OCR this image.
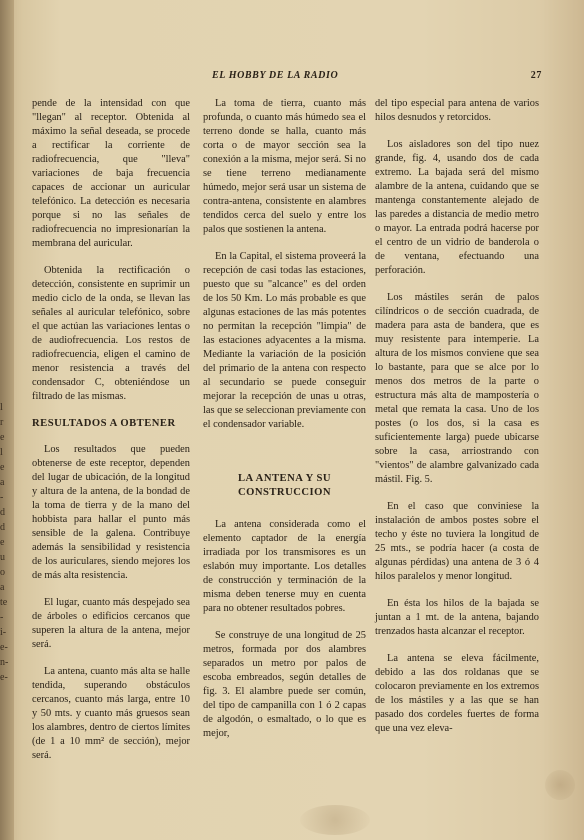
l
r
e
l
e
a
-
d
d
e
u
o
a
te
-
i-
e-
n-
e-
EL HOBBY DE LA RADIO	27

pende de la intensidad con que "llegan" al receptor. Obtenida al máximo la señal deseada, se procede a rectificar la corriente de radiofrecuencia, que "lleva" variaciones de baja frecuencia capaces de accionar un auricular telefónico. La detección es necesaria porque si no las señales de radiofrecuencia no impresionarían la membrana del auricular.

Obtenida la rectificación o detección, consistente en suprimir un medio ciclo de la onda, se llevan las señales al auricular telefónico, sobre el que actúan las variaciones lentas o de audiofrecuencia. Los restos de radiofrecuencia, eligen el camino de menor resistencia a través del condensador C, obteniéndose un filtrado de las mismas.

RESULTADOS A OBTENER

Los resultados que pueden obtenerse de este receptor, dependen del lugar de ubicación, de la longitud y altura de la antena, de la bondad de la toma de tierra y de la mano del hobbista para hallar el punto más sensible de la galena. Contribuye además la sensibilidad y resistencia de los auriculares, siendo mejores los de más alta resistencia.

El lugar, cuanto más despejado sea de árboles o edificios cercanos que superen la altura de la antena, mejor será.

La antena, cuanto más alta se halle tendida, superando obstáculos cercanos, cuanto más larga, entre 10 y 50 mts. y cuanto más gruesos sean los alambres, dentro de ciertos límites (de 1 a 10 mm² de sección), mejor será.

La toma de tierra, cuanto más profunda, o cuanto más húmedo sea el terreno donde se halla, cuanto más corta o de mayor sección sea la conexión a la misma, mejor será. Si no se tiene terreno medianamente húmedo, mejor será usar un sistema de contra-antena, consistente en alambres tendidos cerca del suelo y entre los palos que sostienen la antena.

En la Capital, el sistema proveerá la recepción de casi todas las estaciones, puesto que su "alcance" es del orden de los 50 Km. Lo más probable es que algunas estaciones de las más potentes no permitan la recepción "limpia" de las estaciones adyacentes a la misma. Mediante la variación de la posición del primario de la antena con respecto al secundario se puede conseguir mejorar la recepción de unas u otras, las que se seleccionan previamente con el condensador variable.

LA ANTENA Y SU CONSTRUCCION

La antena considerada como el elemento captador de la energía irradiada por los transmisores es un eslabón muy importante. Los detalles de construcción y terminación de la misma deben tenerse muy en cuenta para no obtener resultados pobres.

Se construye de una longitud de 25 metros, formada por dos alambres separados un metro por palos de escoba embreados, según detalles de fig. 3. El alambre puede ser común, del tipo de campanilla con 1 ó 2 capas de algodón, o esmaltado, o lo que es mejor,

del tipo especial para antena de varios hilos desnudos y retorcidos.

Los aisladores son del tipo nuez grande, fig. 4, usando dos de cada extremo. La bajada será del mismo alambre de la antena, cuidando que se mantenga constantemente alejado de las paredes a distancia de medio metro o mayor. La entrada podrá hacerse por el centro de un vidrio de banderola o de ventana, efectuando una perforación.

Los mástiles serán de palos cilíndricos o de sección cuadrada, de madera para asta de bandera, que es muy resistente para intemperie. La altura de los mismos conviene que sea lo bastante, para que se alce por lo menos dos metros de la parte o estructura más alta de mampostería o metal que remata la casa. Uno de los postes (o los dos, si la casa es suficientemente larga) puede ubicarse sobre la casa, arriostrando con "vientos" de alambre galvanizado cada mástil. Fig. 5.

En el caso que conviniese la instalación de ambos postes sobre el techo y éste no tuviera la longitud de 25 mts., se podría hacer (a costa de algunas pérdidas) una antena de 3 ó 4 hilos paralelos y menor longitud.

En ésta los hilos de la bajada se juntan a 1 mt. de la antena, bajando trenzados hasta alcanzar el receptor.

La antena se eleva fácilmente, debido a las dos roldanas que se colocaron previamente en los extremos de los mástiles y a las que se han pasado dos cordeles fuertes de forma que una vez eleva-
